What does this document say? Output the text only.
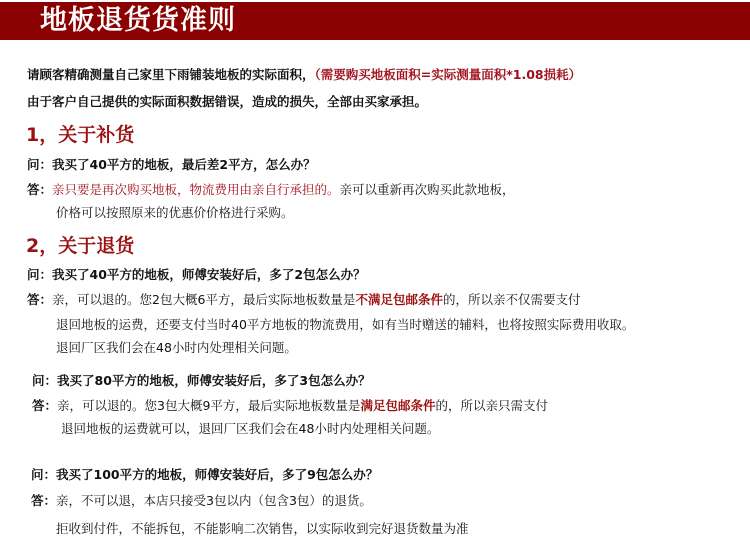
地板退货货准则
请顾客精确测量自己家里下雨铺装地板的实际面积，（需要购买地板面积=实际测量面积*1.08损耗）
由于客户自己提供的实际面积数据错误，造成的损失，全部由买家承担。
1，关于补货
问：我买了40平方的地板，最后差2平方，怎么办？
答：亲只要是再次购买地板，物流费用由亲自行承担的。亲可以重新再次购买此款地板，
价格可以按照原来的优惠价价格进行采购。
2，关于退货
问：我买了40平方的地板，师傅安装好后，多了2包怎么办？
答：亲，可以退的。您2包大概6平方，最后实际地板数量是不满足包邮条件的，所以亲不仅需要支付
退回地板的运费，还要支付当时40平方地板的物流费用，如有当时赠送的辅料，也将按照实际费用收取。
退回厂区我们会在48小时内处理相关问题。
问：我买了80平方的地板，师傅安装好后，多了3包怎么办？
答：亲，可以退的。您3包大概9平方，最后实际地板数量是满足包邮条件的，所以亲只需支付
退回地板的运费就可以，退回厂区我们会在48小时内处理相关问题。
问：我买了100平方的地板，师傅安装好后，多了9包怎么办？
答：亲，不可以退，本店只接受3包以内（包含3包）的退货。
拒收到付件，不能拆包，不能影响二次销售，以实际收到完好退货数量为准
